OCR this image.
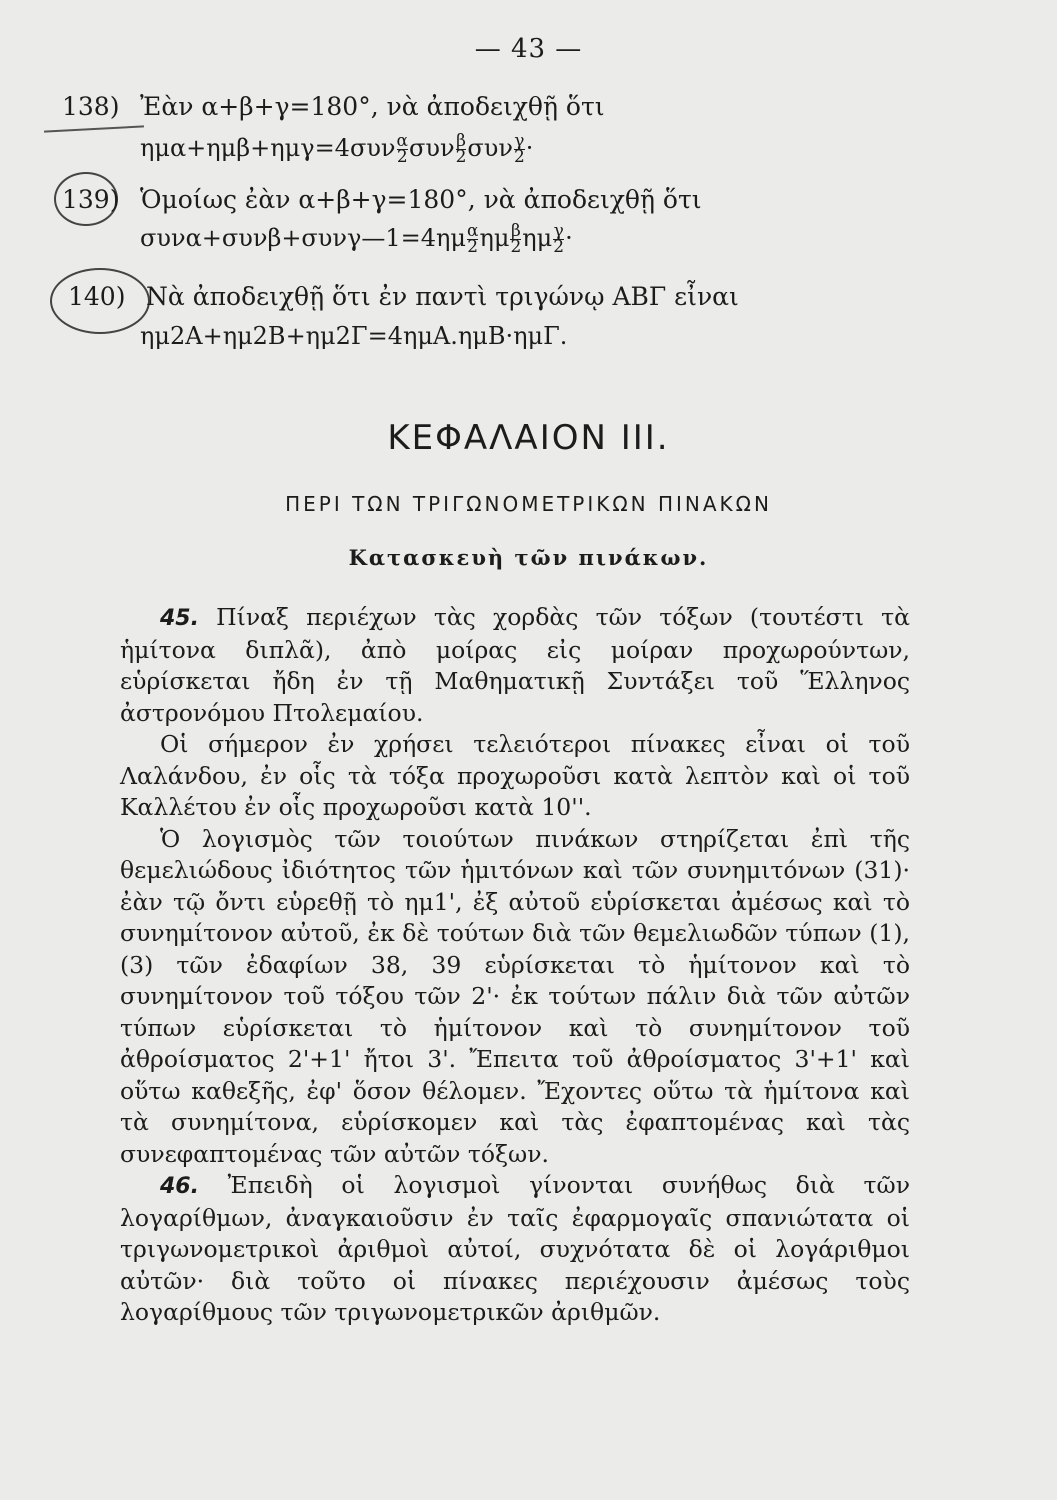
— 43 —
138) Ἐὰν α+β+γ=180°, νὰ ἀποδειχθῇ ὅτι
$\eta\mu\alpha+\eta\mu\beta+\eta\mu\gamma=4\sigma\upsilon\nu \frac{\alpha}{2}$ συν $\frac{\beta}{2}$ συν $\frac{\gamma}{2}$ ·
139) Ὁμοίως ἐὰν α+β+γ=180°, νὰ ἀποδειχθῇ ὅτι
συνα+συνβ+συνγ—1=4ημ $\frac{\alpha}{2}$ ημ $\frac{\beta}{2}$ ημ $\frac{\gamma}{2}$ ·
140) Νὰ ἀποδειχθῇ ὅτι ἐν παντὶ τριγώνῳ ΑΒΓ εἶναι
ημ2Α+ημ2Β+ημ2Γ=4ημΑ.ημΒ·ημΓ.
ΚΕΦΑΛΑΙΟΝ III.
ΠΕΡΙ ΤΩΝ ΤΡΙΓΩΝΟΜΕΤΡΙΚΩΝ ΠΙΝΑΚΩΝ
Κατασκευὴ τῶν πινάκων.

45. Πίναξ περιέχων τὰς χορδὰς τῶν τόξων (τουτέστι τὰ ἡμίτονα διπλᾶ), ἀπὸ μοίρας εἰς μοίραν προχωρούντων, εὑρίσκεται ἤδη ἐν τῇ Μαθηματικῇ Συντάξει τοῦ Ἕλληνος ἀστρονόμου Πτολεμαίου.

Οἱ σήμερον ἐν χρήσει τελειότεροι πίνακες εἶναι οἱ τοῦ Λαλάνδου, ἐν οἷς τὰ τόξα προχωροῦσι κατὰ λεπτὸν καὶ οἱ τοῦ Καλλέτου ἐν οἷς προχωροῦσι κατὰ 10''.

Ὁ λογισμὸς τῶν τοιούτων πινάκων στηρίζεται ἐπὶ τῆς θεμελιώδους ἰδιότητος τῶν ἡμιτόνων καὶ τῶν συνημιτόνων (31)· ἐὰν τῷ ὄντι εὑρεθῇ τὸ ημ1', ἐξ αὐτοῦ εὑρίσκεται ἀμέσως καὶ τὸ συνημίτονον αὐτοῦ, ἐκ δὲ τούτων διὰ τῶν θεμελιωδῶν τύπων (1), (3) τῶν ἐδαφίων 38, 39 εὑρίσκεται τὸ ἡμίτονον καὶ τὸ συνημίτονον τοῦ τόξου τῶν 2'· ἐκ τούτων πάλιν διὰ τῶν αὐτῶν τύπων εὑρίσκεται τὸ ἡμίτονον καὶ τὸ συνημίτονον τοῦ ἀθροίσματος 2'+1' ἤτοι 3'. Ἔπειτα τοῦ ἀθροίσματος 3'+1' καὶ οὕτω καθεξῆς, ἐφ' ὅσον θέλομεν. Ἔχοντες οὕτω τὰ ἡμίτονα καὶ τὰ συνημίτονα, εὑρίσκομεν καὶ τὰς ἐφαπτομένας καὶ τὰς συνεφαπτομένας τῶν αὐτῶν τόξων.

46. Ἐπειδὴ οἱ λογισμοὶ γίνονται συνήθως διὰ τῶν λογαρίθμων, ἀναγκαιοῦσιν ἐν ταῖς ἐφαρμογαῖς σπανιώτατα οἱ τριγωνομετρικοὶ ἀριθμοὶ αὐτοί, συχνότατα δὲ οἱ λογάριθμοι αὐτῶν· διὰ τοῦτο οἱ πίνακες περιέχουσιν ἀμέσως τοὺς λογαρίθμους τῶν τριγωνομετρικῶν ἀριθμῶν.
